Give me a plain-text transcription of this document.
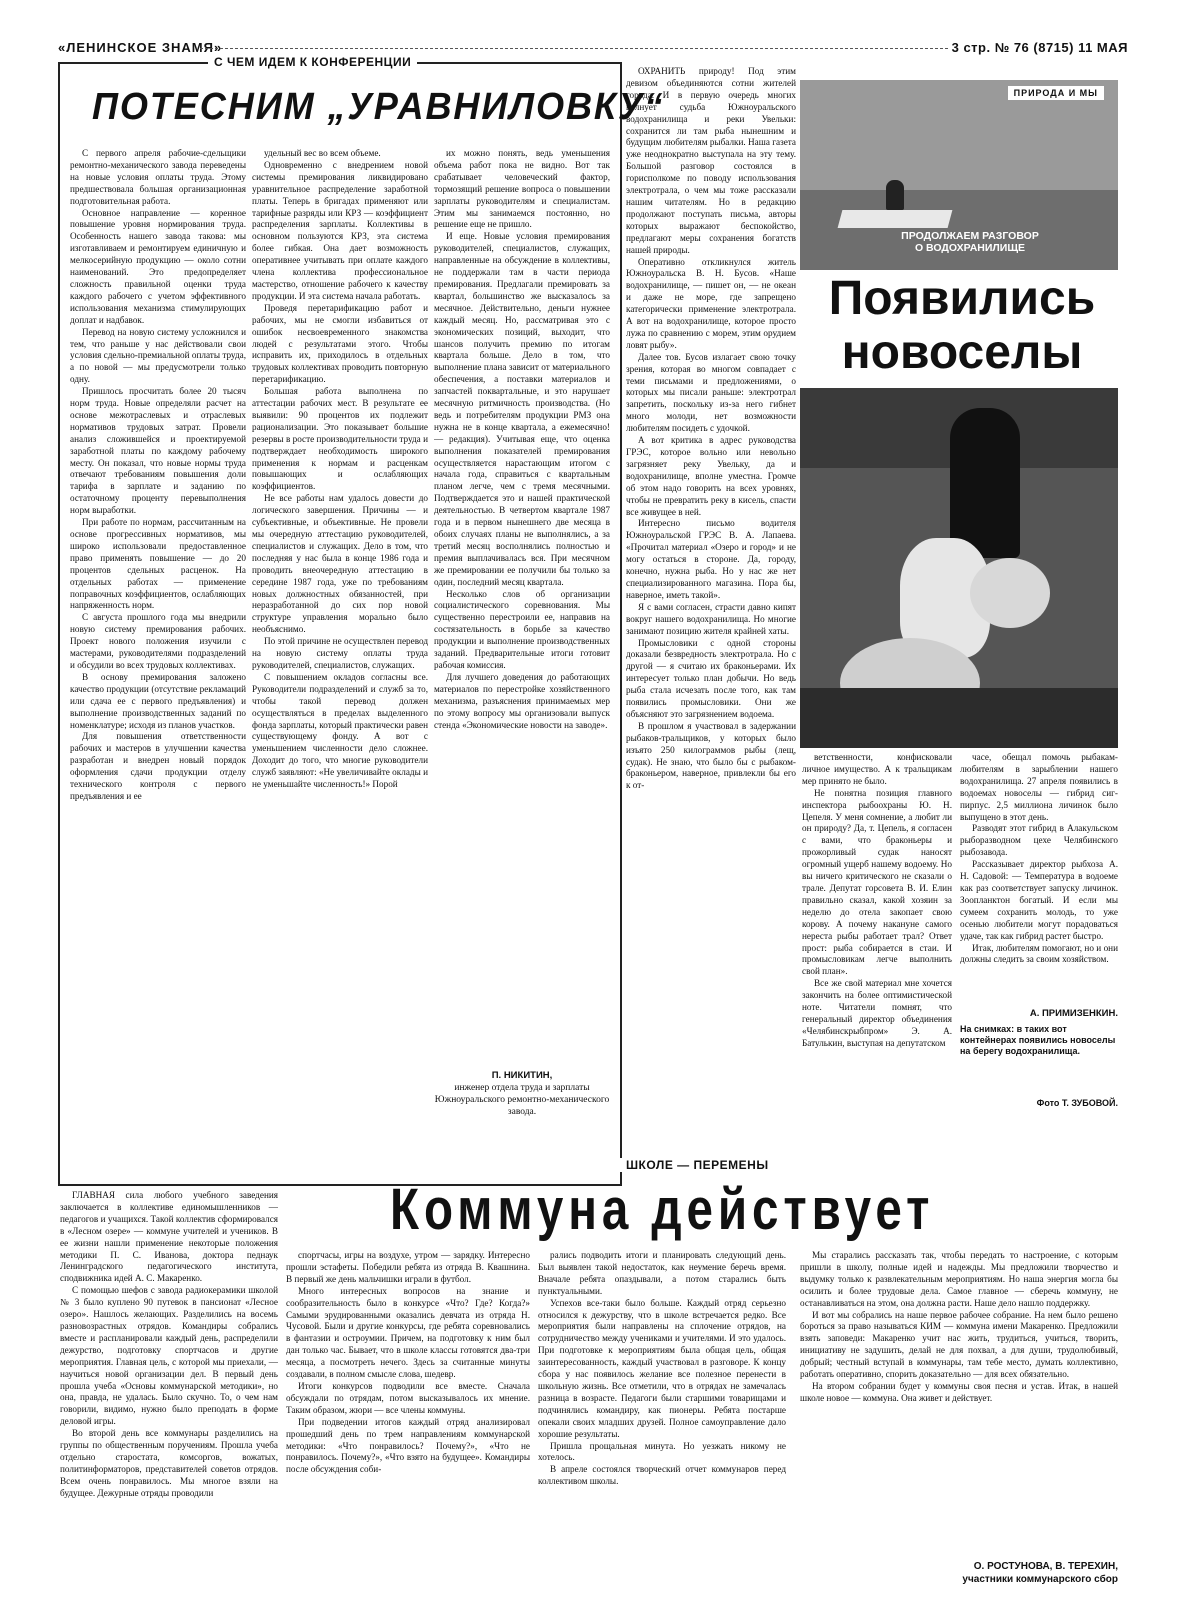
«ЛЕНИНСКОЕ ЗНАМЯ»	3 стр. № 76 (8715) 11 МАЯ
С ЧЕМ ИДЕМ К КОНФЕРЕНЦИИ
ПОТЕСНИМ „УРАВНИЛОВКУ“

С первого апреля рабочие-сдельщики ремонтно-механического завода переведены на новые условия оплаты труда. Этому предшествовала большая организационная подготовительная работа.

Основное направление — коренное повышение уровня нормирования труда. Особенность нашего завода такова: мы изготавливаем и ремонтируем единичную и мелкосерийную продукцию — около сотни наименований. Это предопределяет сложность правильной оценки труда каждого рабочего с учетом эффективного использования механизма стимулирующих доплат и надбавок.

Перевод на новую систему усложнился и тем, что раньше у нас действовали свои условия сдельно-премиальной оплаты труда, а по новой — мы предусмотрели только одну.

Пришлось просчитать более 20 тысяч норм труда. Новые определяли расчет на основе межотраслевых и отраслевых нормативов трудовых затрат. Провели анализ сложившейся и проектируемой заработной платы по каждому рабочему месту. Он показал, что новые нормы труда отвечают требованиям повышения доли тарифа в зарплате и заданию по остаточному проценту перевыполнения норм выработки.

При работе по нормам, рассчитанным на основе прогрессивных нормативов, мы широко использовали предоставленное право применять повышение — до 20 процентов сдельных расценок. На отдельных работах — применение поправочных коэффициентов, ослабляющих напряженность норм.

С августа прошлого года мы внедрили новую систему премирования рабочих. Проект нового положения изучили с мастерами, руководителями подразделений и обсудили во всех трудовых коллективах.

В основу премирования заложено качество продукции (отсутствие рекламаций или сдача ее с первого предъявления) и выполнение производственных заданий по номенклатуре; исходя из планов участков.

Для повышения ответственности рабочих и мастеров в улучшении качества разработан и внедрен новый порядок оформления сдачи продукции отделу технического контроля с первого предъявления и ее

удельный вес во всем объеме.

Одновременно с внедрением новой системы премирования ликвидировано уравнительное распределение заработной платы. Теперь в бригадах применяют или тарифные разряды или КРЗ — коэффициент распределения зарплаты. Коллективы в основном пользуются КРЗ, эта система более гибкая. Она дает возможность оперативнее учитывать при оплате каждого члена коллектива профессиональное мастерство, отношение рабочего к качеству продукции. И эта система начала работать.

Проведя перетарификацию работ и рабочих, мы не смогли избавиться от ошибок несвоевременного знакомства людей с результатами этого. Чтобы исправить их, приходилось в отдельных трудовых коллективах проводить повторную перетарификацию.

Большая работа выполнена по аттестации рабочих мест. В результате ее выявили: 90 процентов их подлежит рационализации. Это показывает большие резервы в росте производительности труда и подтверждает необходимость широкого применения к нормам и расценкам повышающих и ослабляющих коэффициентов.

Не все работы нам удалось довести до логического завершения. Причины — и субъективные, и объективные. Не провели мы очередную аттестацию руководителей, специалистов и служащих. Дело в том, что последняя у нас была в конце 1986 года и проводить внеочередную аттестацию в середине 1987 года, уже по требованиям новых должностных обязанностей, при неразработанной до сих пор новой структуре управления морально было необъяснимо.

По этой причине не осуществлен перевод на новую систему оплаты труда руководителей, специалистов, служащих.

С повышением окладов согласны все. Руководители подразделений и служб за то, чтобы такой перевод должен осуществляться в пределах выделенного фонда зарплаты, который практически равен существующему фонду. А вот с уменьшением численности дело сложнее. Доходит до того, что многие руководители служб заявляют: «Не увеличивайте оклады и не уменьшайте численность!» Порой

их можно понять, ведь уменьшения объема работ пока не видно. Вот так срабатывает человеческий фактор, тормозящий решение вопроса о повышении зарплаты руководителям и специалистам. Этим мы занимаемся постоянно, но решение еще не пришло.

И еще. Новые условия премирования руководителей, специалистов, служащих, направленные на обсуждение в коллективы, не поддержали там в части периода премирования. Предлагали премировать за квартал, большинство же высказалось за месячное. Действительно, деньги нужнее каждый месяц. Но, рассматривая это с экономических позиций, выходит, что шансов получить премию по итогам квартала больше. Дело в том, что выполнение плана зависит от материального обеспечения, а поставки материалов и запчастей поквартальные, и это нарушает месячную ритмичность производства. (Но ведь и потребителям продукции РМЗ она нужна не в конце квартала, а ежемесячно! — редакция). Учитывая еще, что оценка выполнения показателей премирования осуществляется нарастающим итогом с начала года, справиться с квартальным планом легче, чем с тремя месячными. Подтверждается это и нашей практической деятельностью. В четвертом квартале 1987 года и в первом нынешнего две месяца в обоих случаях планы не выполнялись, а за третий месяц восполнялись полностью и премия выплачивалась вся. При месячном же премировании ее получили бы только за один, последний месяц квартала.

Несколько слов об организации социалистического соревнования. Мы существенно перестроили ее, направив на состязательность в борьбе за качество продукции и выполнение производственных заданий. Предварительные итоги готовит рабочая комиссия.

Для лучшего доведения до работающих материалов по перестройке хозяйственного механизма, разъяснения принимаемых мер по этому вопросу мы организовали выпуск стенда «Экономические новости на заводе».

П. НИКИТИН,
инженер отдела труда и зарплаты Южноуральского ремонтно-механического завода.

ОХРАНИТЬ природу! Под этим девизом объединяются сотни жителей города. И в первую очередь многих волнует судьба Южноуральского водохранилища и реки Увельки: сохранится ли там рыба нынешним и будущим любителям рыбалки. Наша газета уже неоднократно выступала на эту тему. Большой разговор состоялся в горисполкоме по поводу использования электротрала, о чем мы тоже рассказали нашим читателям. Но в редакцию продолжают поступать письма, авторы которых выражают беспокойство, предлагают меры сохранения богатств нашей природы.

Оперативно откликнулся житель Южноуральска В. Н. Бусов. «Наше водохранилище, — пишет он, — не океан и даже не море, где запрещено категорически применение электротрала. А вот на водохранилище, которое просто лужа по сравнению с морем, этим орудием ловят рыбу».

Далее тов. Бусов излагает свою точку зрения, которая во многом совпадает с теми письмами и предложениями, о которых мы писали раньше: электротрал запретить, поскольку из-за него гибнет много молоди, нет возможности любителям посидеть с удочкой.

А вот критика в адрес руководства ГРЭС, которое вольно или невольно загрязняет реку Увельку, да и водохранилище, вполне уместна. Громче об этом надо говорить на всех уровнях, чтобы не превратить реку в кисель, спасти все живущее в ней.

Интересно письмо водителя Южноуральской ГРЭС В. А. Лапаева. «Прочитал материал «Озеро и город» и не могу остаться в стороне. Да, городу, конечно, нужна рыба. Но у нас же нет специализированного магазина. Пора бы, наверное, иметь такой».

Я с вами согласен, страсти давно кипят вокруг нашего водохранилища. Но многие занимают позицию жителя крайней хаты.

Промысловики с одной стороны доказали безвредность электротрала. Но с другой — я считаю их браконьерами. Их интересует только план добычи. Но ведь рыба стала исчезать после того, как там появились промысловики. Они же объясняют это загрязнением водоема.

В прошлом я участвовал в задержании рыбаков-тральщиков, у которых было изъято 250 килограммов рыбы (лещ, судак). Не знаю, что было бы с рыбаком-браконьером, наверное, привлекли бы его к от-

ПРИРОДА И МЫ
ПРОДОЛЖАЕМ РАЗГОВОР
О ВОДОХРАНИЛИЩЕ
Появились
новоселы

ветственности, конфисковали личное имущество. А к тральщикам мер принято не было.

Не понятна позиция главного инспектора рыбоохраны Ю. Н. Цепеля. У меня сомнение, а любит ли он природу? Да, т. Цепель, я согласен с вами, что браконьеры и прожорливый судак наносят огромный ущерб нашему водоему. Но вы ничего критического не сказали о трале. Депутат горсовета В. И. Елин правильно сказал, какой хозяин за неделю до отела закопает свою корову. А почему накануне самого нереста рыбы работает трал? Ответ прост: рыба собирается в стаи. И промысловикам легче выполнить свой план».

Все же свой материал мне хочется закончить на более оптимистической ноте. Читатели помнят, что генеральный директор объединения «Челябинскрыбпром» Э. А. Батулькин, выступая на депутатском

часе, обещал помочь рыбакам-любителям в зарыблении нашего водохранилища. 27 апреля появились в водоемах новоселы — гибрид сиг-пирпус. 2,5 миллиона личинок было выпущено в этот день.

Разводят этот гибрид в Алакульском рыборазводном цехе Челябинского рыбозавода.

Рассказывает директор рыбхоза А. Н. Садовой: — Температура в водоеме как раз соответствует запуску личинок. Зоопланктон богатый. И если мы сумеем сохранить молодь, то уже осенью любители могут порадоваться удаче, так как гибрид растет быстро.

Итак, любителям помогают, но и они должны следить за своим хозяйством.

А. ПРИМИЗЕНКИН.
На снимках: в таких вот контейнерах появились новоселы на берегу водохранилища.
Фото Т. ЗУБОВОЙ.
ШКОЛЕ — ПЕРЕМЕНЫ
Коммуна действует

ГЛАВНАЯ сила любого учебного заведения заключается в коллективе единомышленников — педагогов и учащихся. Такой коллектив сформировался в «Лесном озере» — коммуне учителей и учеников. В ее жизни нашли применение некоторые положения методики П. С. Иванова, доктора педнаук Ленинградского педагогического института, сподвижника идей А. С. Макаренко.

С помощью шефов с завода радиокерамики школой № 3 было куплено 90 путевок в пансионат «Лесное озеро». Нашлось желающих. Разделились на восемь разновозрастных отрядов. Командиры собрались вместе и распланировали каждый день, распределили дежурство, подготовку спортчасов и другие мероприятия. Главная цель, с которой мы приехали, — научиться новой организации дел. В первый день прошла учеба «Основы коммунарской методики», но она, правда, не удалась. Было скучно. То, о чем нам говорили, видимо, нужно было преподать в форме деловой игры.

Во второй день все коммунары разделились на группы по общественным поручениям. Прошла учеба отдельно старостата, комсоргов, вожатых, политинформаторов, представителей советов отрядов. Всем очень понравилось. Мы многое взяли на будущее. Дежурные отряды проводили

спортчасы, игры на воздухе, утром — зарядку. Интересно прошли эстафеты. Победили ребята из отряда В. Квашнина. В первый же день мальчишки играли в футбол.

Много интересных вопросов на знание и сообразительность было в конкурсе «Что? Где? Когда?» Самыми эрудированными оказались девчата из отряда Н. Чусовой. Были и другие конкурсы, где ребята соревновались в фантазии и остроумии. Причем, на подготовку к ним был дан только час. Бывает, что в школе классы готовятся два-три месяца, а посмотреть нечего. Здесь за считанные минуты создавали, в полном смысле слова, шедевр.

Итоги конкурсов подводили все вместе. Сначала обсуждали по отрядам, потом высказывалось их мнение. Таким образом, жюри — все члены коммуны.

При подведении итогов каждый отряд анализировал прошедший день по трем направлениям коммунарской методики: «Что понравилось? Почему?», «Что не понравилось. Почему?», «Что взято на будущее». Командиры после обсуждения соби-

рались подводить итоги и планировать следующий день. Был выявлен такой недостаток, как неумение беречь время. Вначале ребята опаздывали, а потом старались быть пунктуальными.

Успехов все-таки было больше. Каждый отряд серьезно относился к дежурству, что в школе встречается редко. Все мероприятия были направлены на сплочение отрядов, на сотрудничество между учениками и учителями. И это удалось. При подготовке к мероприятиям была общая цель, общая заинтересованность, каждый участвовал в разговоре. К концу сбора у нас появилось желание все полезное перенести в школьную жизнь. Все отметили, что в отрядах не замечалась разница в возрасте. Педагоги были старшими товарищами и подчинялись командиру, как пионеры. Ребята постарше опекали своих младших друзей. Полное самоуправление дало хорошие результаты.

Пришла прощальная минута. Но уезжать никому не хотелось.

В апреле состоялся творческий отчет коммунаров перед коллективом школы.

Мы старались рассказать так, чтобы передать то настроение, с которым пришли в школу, полные идей и надежды. Мы предложили творчество и выдумку только к развлекательным мероприятиям. Но наша энергия могла бы осилить и более трудовые дела. Самое главное — сберечь коммуну, не останавливаться на этом, она должна расти. Наше дело нашло поддержку.

И вот мы собрались на наше первое рабочее собрание. На нем было решено бороться за право называться КИМ — коммуна имени Макаренко. Предложили взять заповеди: Макаренко учит нас жить, трудиться, учиться, творить, инициативу не задушить, делай не для похвал, а для души, трудолюбивый, добрый; честный вступай в коммунары, там тебе место, думать коллективно, работать оперативно, спорить доказательно — для всех обязательно.

На втором собрании будет у коммуны своя песня и устав. Итак, в нашей школе новое — коммуна. Она живет и действует.

О. РОСТУНОВА, В. ТЕРЕХИН,
участники коммунарского сбор
